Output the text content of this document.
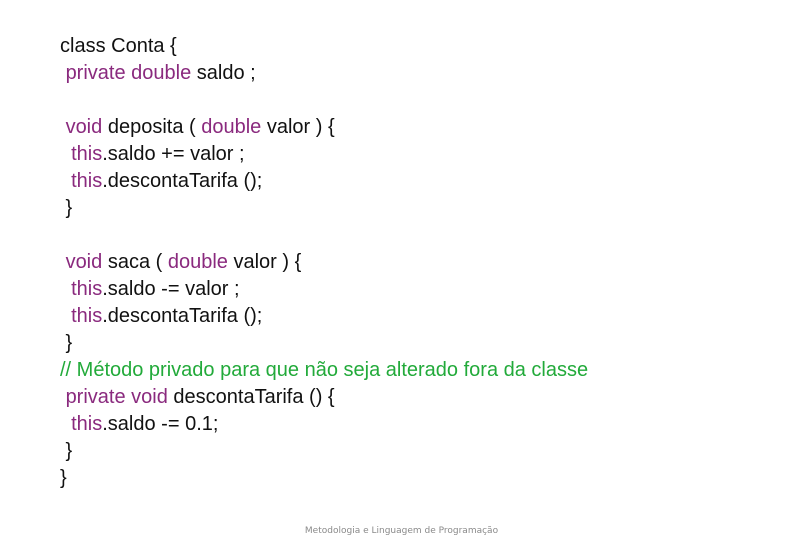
class Conta {
private double saldo ;
void deposita ( double valor ) {
this.saldo += valor ;
this.descontaTarifa ();
}
void saca ( double valor ) {
this.saldo -= valor ;
this.descontaTarifa ();
}
// Método privado para que não seja alterado fora da classe
private void descontaTarifa () {
this.saldo -= 0.1;
}
}
Metodologia e Linguagem de Programação
